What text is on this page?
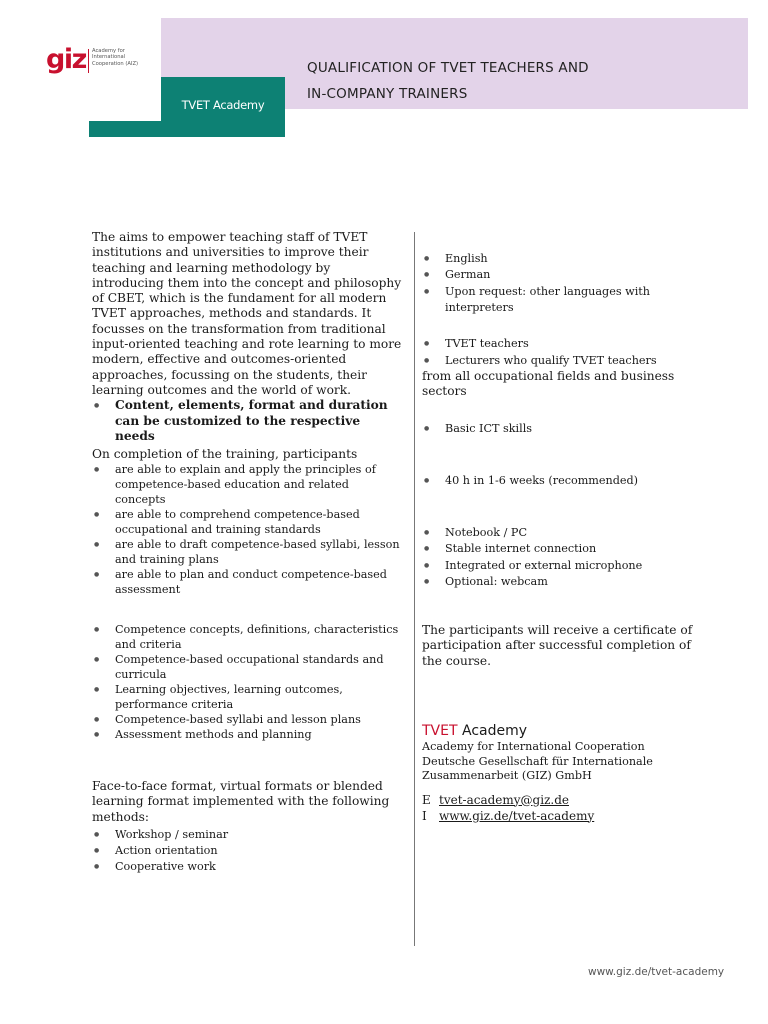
TVET Academy
giz Academy for International Cooperation (AIZ)	QUALIFICATION OF TVET TEACHERS AND
IN-COMPANY TRAINERS

The aims to empower teaching staff of TVET institutions and universities to improve their teaching and learning methodology by introducing them into the concept and philosophy of CBET, which is the fundament for all modern TVET approaches, methods and standards. It focusses on the transformation from traditional input-oriented teaching and rote learning to more modern, effective and outcomes-oriented approaches, focussing on the students, their learning outcomes and the world of work.

● Content, elements, format and duration can be customized to the respective needs

On completion of the training, participants

● are able to explain and apply the principles of competence-based education and related concepts
● are able to comprehend competence-based occupational and training standards
● are able to draft competence-based syllabi, lesson and training plans
● are able to plan and conduct competence-based assessment
● Competence concepts, definitions, characteristics and criteria
● Competence-based occupational standards and curricula
● Learning objectives, learning outcomes, performance criteria
● Competence-based syllabi and lesson plans
● Assessment methods and planning

Face-to-face format, virtual formats or blended learning format implemented with the following methods:

● Workshop / seminar
● Action orientation
● Cooperative work
● English
● German
● Upon request: other languages with interpreters
● TVET teachers
● Lecturers who qualify TVET teachers

from all occupational fields and business sectors

● Basic ICT skills
● 40 h in 1-6 weeks (recommended)
● Notebook / PC
● Stable internet connection
● Integrated or external microphone
● Optional: webcam

The participants will receive a certificate of participation after successful completion of the course.

TVET Academy
Academy for International Cooperation
Deutsche Gesellschaft für Internationale
Zusammenarbeit (GIZ) GmbH
E tvet-academy@giz.de
I www.giz.de/tvet-academy
www.giz.de/tvet-academy
